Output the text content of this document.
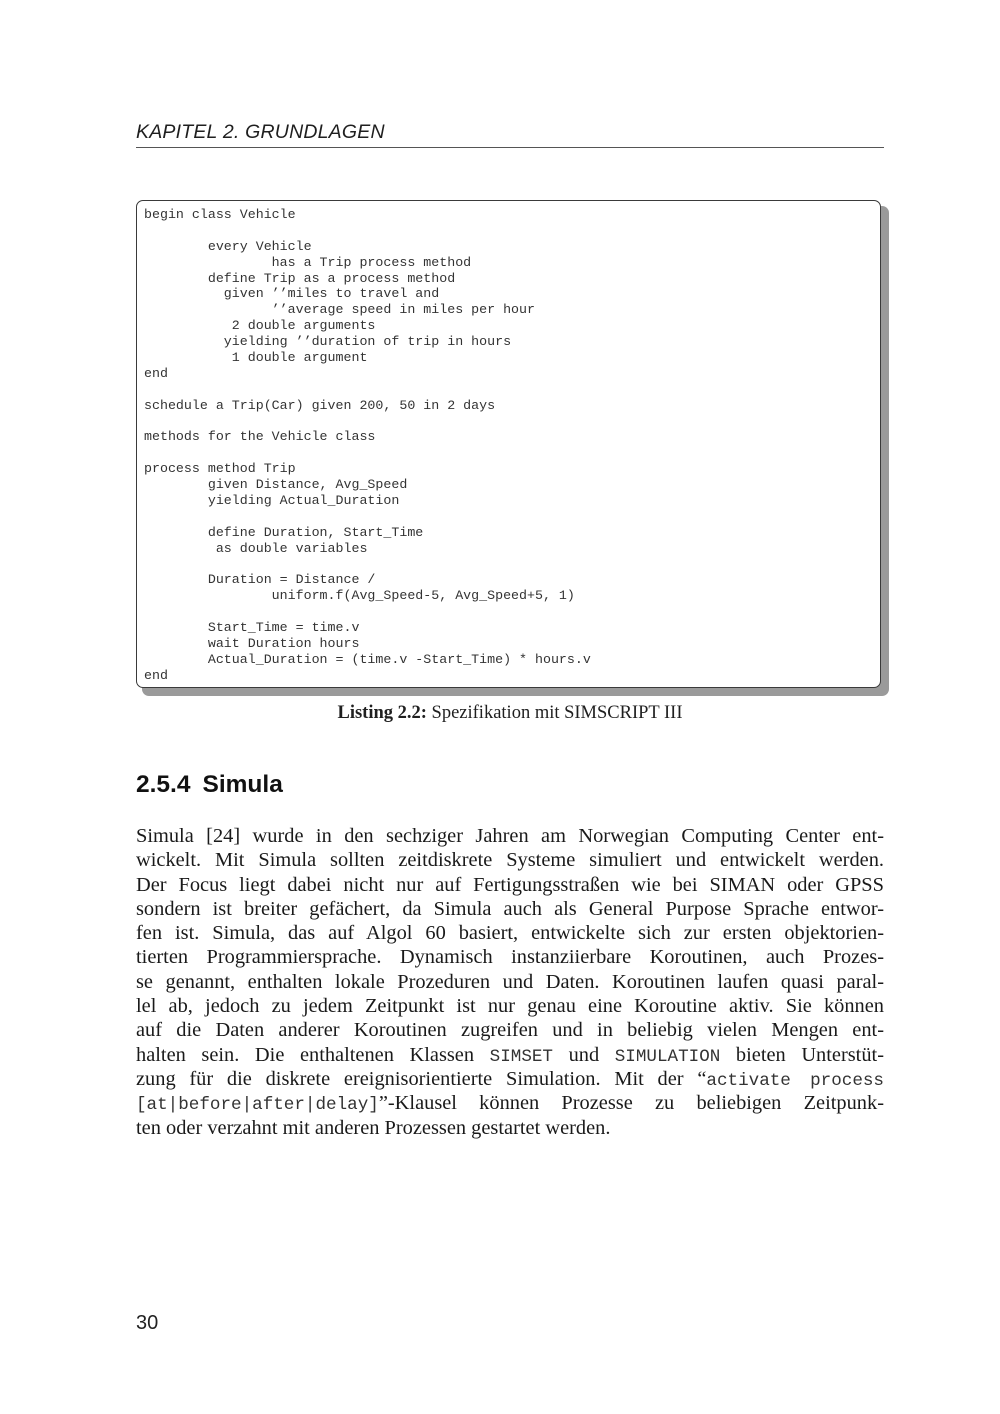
KAPITEL 2. GRUNDLAGEN
begin class Vehicle
every Vehicle
has a Trip process method
define Trip as a process method
given ’’miles to travel and
’’average speed in miles per hour
2 double arguments
yielding ’’duration of trip in hours
1 double argument
end
schedule a Trip(Car) given 200, 50 in 2 days
methods for the Vehicle class
process method Trip
given Distance, Avg_Speed
yielding Actual_Duration
define Duration, Start_Time
as double variables
Duration = Distance /
uniform.f(Avg_Speed-5, Avg_Speed+5, 1)
Start_Time = time.v
wait Duration hours
Actual_Duration = (time.v -Start_Time) * hours.v
end
Listing 2.2: Spezifikation mit SIMSCRIPT III
2.5.4 Simula
Simula [24] wurde in den sechziger Jahren am Norwegian Computing Center ent-
wickelt. Mit Simula sollten zeitdiskrete Systeme simuliert und entwickelt werden.
Der Focus liegt dabei nicht nur auf Fertigungsstraßen wie bei SIMAN oder GPSS
sondern ist breiter gefächert, da Simula auch als General Purpose Sprache entwor-
fen ist. Simula, das auf Algol 60 basiert, entwickelte sich zur ersten objektorien-
tierten Programmiersprache. Dynamisch instanziierbare Koroutinen, auch Prozes-
se genannt, enthalten lokale Prozeduren und Daten. Koroutinen laufen quasi paral-
lel ab, jedoch zu jedem Zeitpunkt ist nur genau eine Koroutine aktiv. Sie können
auf die Daten anderer Koroutinen zugreifen und in beliebig vielen Mengen ent-
halten sein. Die enthaltenen Klassen SIMSET und SIMULATION bieten Unterstüt-
zung für die diskrete ereignisorientierte Simulation. Mit der “activate process
[at|before|after|delay]”-Klausel können Prozesse zu beliebigen Zeitpunk-
ten oder verzahnt mit anderen Prozessen gestartet werden.
30
